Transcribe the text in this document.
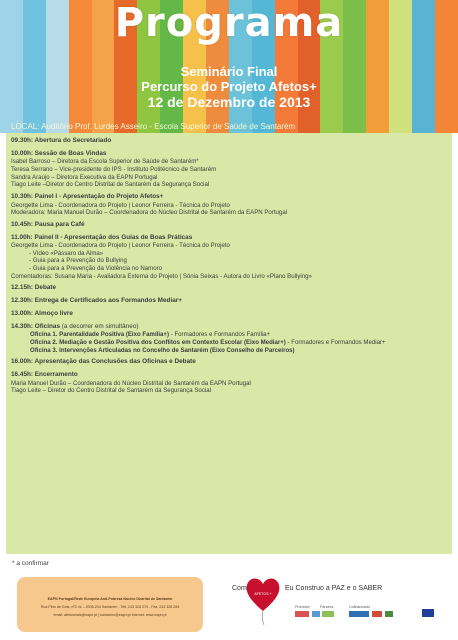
Programa
Seminário Final
Percurso do Projeto Afetos+
12 de Dezembro de 2013
LOCAL: Auditório Prof. Lurdes Asseiro - Escola Superior de Saúde de Santarém
09.30h: Abertura do Secretariado
10.00h: Sessão de Boas Vindas
Isabel Barroso – Diretora da Escola Superior de Saúde de Santarém*
Teresa Serrano – Vice-presidente do IPS - Instituto Politécnico de Santarém
Sandra Araújo – Diretora Executiva da EAPN Portugal
Tiago Leite –Diretor do Centro Distrital de Santarém da Segurança Social
10.30h: Painel I - Apresentação do Projeto Afetos+
Georgette Lima - Coordenadora do Projeto | Leonor Ferreira - Técnica do Projeto
Moderadora: Maria Manuel Durão – Coordenadora do Núcleo Distrital de Santarém da EAPN Portugal
10.45h: Pausa para Café
11.00h: Painel II - Apresentação dos Guias de Boas Práticas
Georgette Lima - Coordenadora do Projeto | Leonor Ferreira - Técnica do Projeto
- Vídeo «Pássaro da Alma»
- Guia para a Prevenção do Bullying
- Guia para a Prevenção da Violência no Namoro
Comentadoras: Susana Maria - Avaliadora Externa do Projeto | Sónia Seixas - Autora do Livro «Plano Bullying»
12.15h: Debate
12.30h: Entrega de Certificados aos Formandos Mediar+
13.00h: Almoço livre
14.30h: Oficinas (a decorrer em simultâneo)
Oficina 1. Parentalidade Positiva (Eixo Família+) - Formadores e Formandos Família+
Oficina 2. Mediação e Gestão Positiva dos Conflitos em Contexto Escolar (Eixo Mediar+) - Formadores e Formandos Mediar+
Oficina 3. Intervenções Articuladas no Concelho de Santarém (Eixo Conselho de Parceiros)
16.00h: Apresentação das Conclusões das Oficinas e Debate
16.45h: Encerramento
Maria Manuel Durão – Coordenadora do Núcleo Distrital de Santarém da EAPN Portugal
Tiago Leite – Diretor do Centro Distrital de Santarém da Segurança Social
* a confirmar
EAPN Portugal/Rede Europeia Anti-Pobreza Núcleo Distrital de Santarém
Rua Pêro de Góis, nº2 r/c – 2005-204 Santarém - Telf. 243 328 270 - Fax. 243 328 284
email: afetosmais@eapn.pt | santarem@eapn.pt Internet: www.eapn.pt
Com
AFETOS +
Eu Construo a PAZ e o SABER
Promotor	Parceira	Cofinanciado
